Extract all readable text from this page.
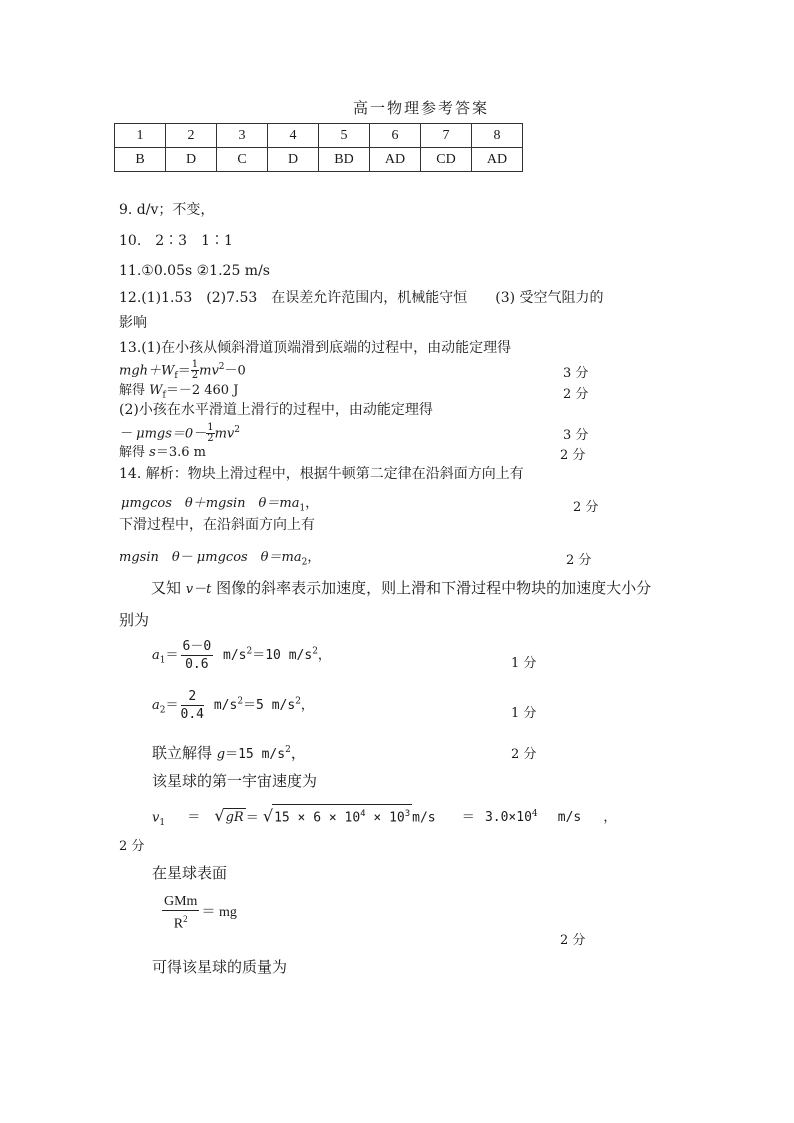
高一物理参考答案
1	2	3	4	5	6	7	8
B	D	C	D	BD	AD	CD	AD
9. d/v；不变，
10.　2∶3　1∶1
11.①0.05s ②1.25 m/s
12.(1)1.53　(2)7.53　在误差允许范围内，机械能守恒　　(3) 受空气阻力的
影响
13.(1)在小孩从倾斜滑道顶端滑到底端的过程中，由动能定理得
$mgh+W_f= \frac{1}{2} mv^2-0$	3 分
解得 $W_f=-2$ 460 J	2 分
(2)小孩在水平滑道上滑行的过程中，由动能定理得
－ $\mu mgs=0- \frac{1}{2} mv^2$	3 分
解得 s＝3.6 m	2 分
14. 解析：物块上滑过程中，根据牛顿第二定律在沿斜面方向上有
μmgcos　θ＋mgsin　$\theta=ma_1$，	2 分
下滑过程中，在沿斜面方向上有
mgsin　θ－ μmgcos　$\theta=ma_2$，	2 分
又知 v－t 图像的斜率表示加速度，则上滑和下滑过程中物块的加速度大小分
别为
$a_1= \frac{6-0}{0.6} m/s^2=10$ $m/s^2$，
1 分
$a_2= \frac{2}{0.4} m/s^2=5$ $m/s^2$，
1 分
联立解得 g＝15 $m/s^2$，	2 分
该星球的第一宇宙速度为
$v_1 = √gR = √15 \times 6 \times 10^4 \times 10^3$ $m/s = 3.0\times 10^4$ m/s ，
2 分
在星球表面
$\frac{\text{GMm}}{R^2}$ ＝ mg
2 分
可得该星球的质量为
